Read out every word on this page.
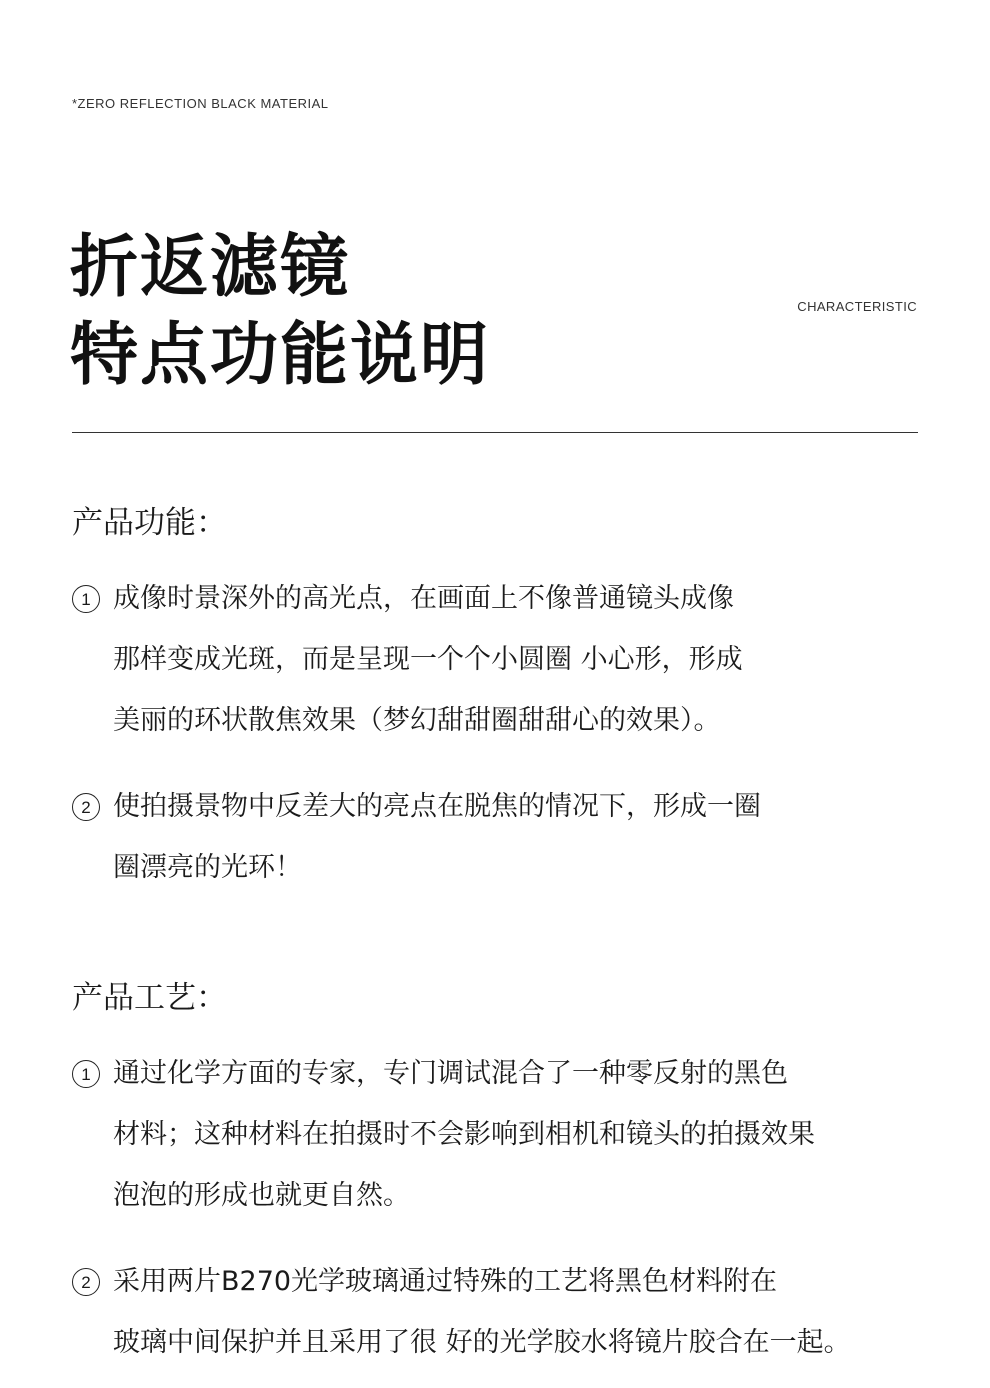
*ZERO REFLECTION BLACK MATERIAL
折返滤镜
特点功能说明
CHARACTERISTIC
产品功能：
1 成像时景深外的高光点，在画面上不像普通镜头成像
那样变成光斑，而是呈现一个个小圆圈 小心形，形成
美丽的环状散焦效果（梦幻甜甜圈甜甜心的效果）。
2 使拍摄景物中反差大的亮点在脱焦的情况下，形成一圈
圈漂亮的光环！
产品工艺：
1 通过化学方面的专家，专门调试混合了一种零反射的黑色
材料；这种材料在拍摄时不会影响到相机和镜头的拍摄效果
泡泡的形成也就更自然。
2 采用两片B270光学玻璃通过特殊的工艺将黑色材料附在
玻璃中间保护并且采用了很 好的光学胶水将镜片胶合在一起。
